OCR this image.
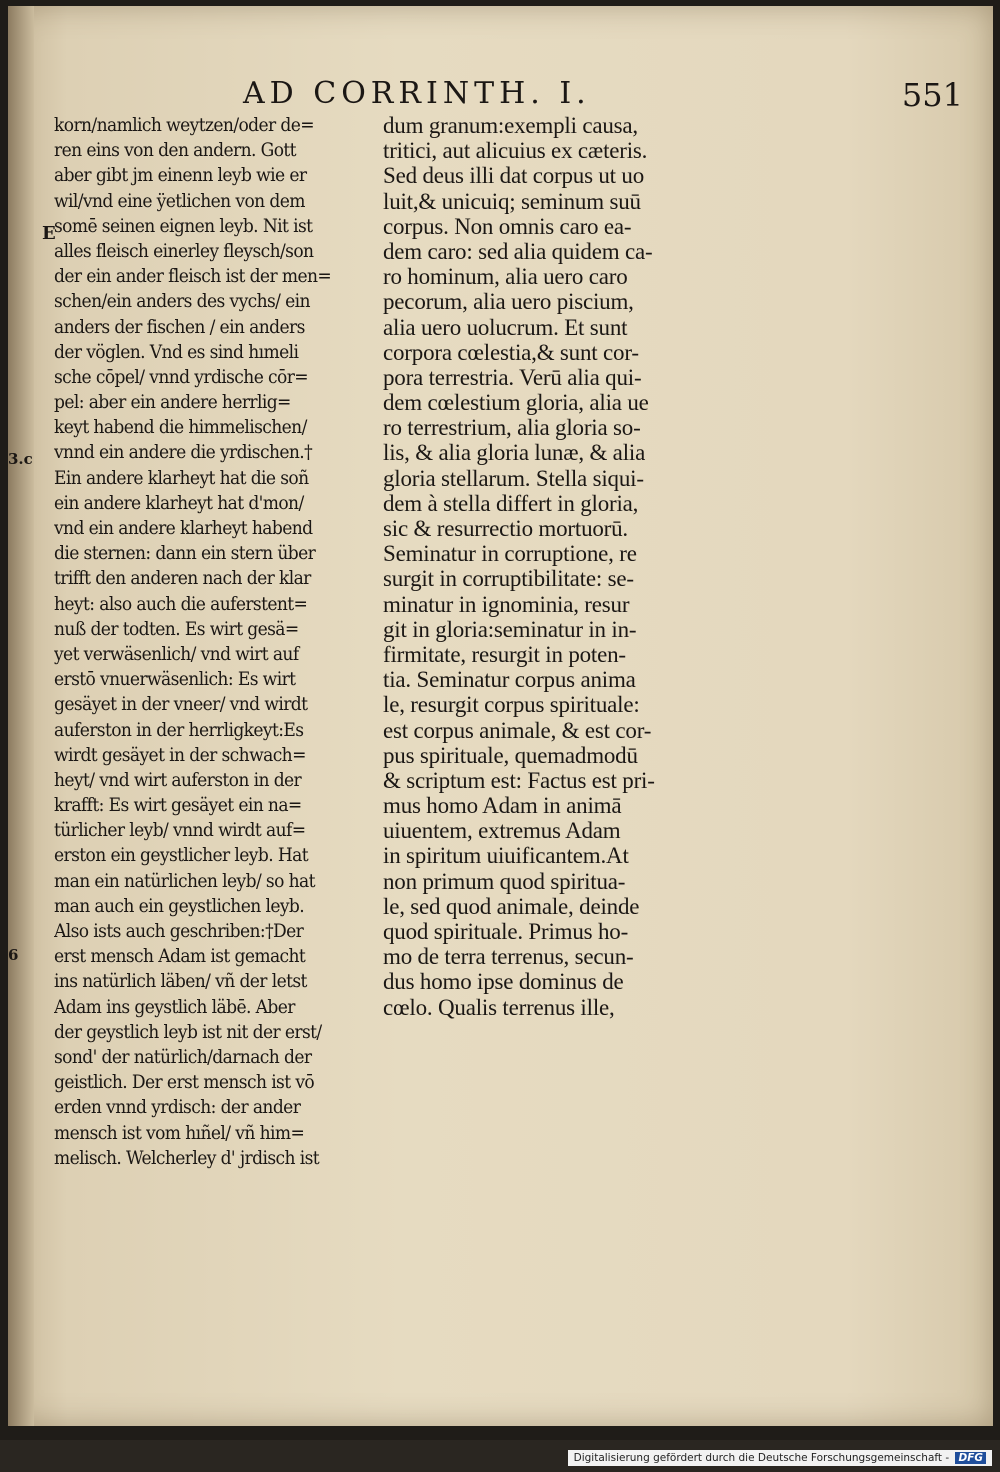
AD CORRINTH. I.	551
E
3.c
6
korn/namlich weytzen/oder de=
ren eins von den andern. Gott
aber gibt jm einenn leyb wie er
wil/vnd eine ÿetlichen von dem
somē seinen eignen leyb. Nit ist
alles fleisch einerley fleysch/son
der ein ander fleisch ist der men=
schen/ein anders des vychs/ ein
anders der fischen / ein anders
der vöglen. Vnd es sind hımeli
sche cōpel/ vnnd yrdische cōr=
pel: aber ein andere herrlig=
keyt habend die himmelischen/
vnnd ein andere die yrdischen.†
Ein andere klarheyt hat die soñ
ein andere klarheyt hat d'mon/
vnd ein andere klarheyt habend
die sternen: dann ein stern über
trifft den anderen nach der klar
heyt: also auch die auferstent=
nuß der todten. Es wirt gesä=
yet verwäsenlich/ vnd wirt auf
erstō vnuerwäsenlich: Es wirt
gesäyet in der vneer/ vnd wirdt
auferston in der herrligkeyt:Es
wirdt gesäyet in der schwach=
heyt/ vnd wirt auferston in der
krafft: Es wirt gesäyet ein na=
türlicher leyb/ vnnd wirdt auf=
erston ein geystlicher leyb. Hat
man ein natürlichen leyb/ so hat
man auch ein geystlichen leyb.
Also ists auch geschriben:†Der
erst mensch Adam ist gemacht
ins natürlich läben/ vñ der letst
Adam ins geystlich läbē. Aber
der geystlich leyb ist nit der erst/
sond' der natürlich/darnach der
geistlich. Der erst mensch ist vō
erden vnnd yrdisch: der ander
mensch ist vom hıñel/ vñ him=
melisch. Welcherley d' jrdisch ist
dum granum:exempli causa,
tritici, aut alicuius ex cæteris.
Sed deus illi dat corpus ut uo
luit,& unicuiq; seminum suū
corpus. Non omnis caro ea-
dem caro: sed alia quidem ca-
ro hominum, alia uero caro
pecorum, alia uero piscium,
alia uero uolucrum. Et sunt
corpora cœlestia,& sunt cor-
pora terrestria. Verū alia qui-
dem cœlestium gloria, alia ue
ro terrestrium, alia gloria so-
lis, & alia gloria lunæ, & alia
gloria stellarum. Stella siqui-
dem à stella differt in gloria,
sic & resurrectio mortuorū.
Seminatur in corruptione, re
surgit in corruptibilitate: se-
minatur in ignominia, resur
git in gloria:seminatur in in-
firmitate, resurgit in poten-
tia. Seminatur corpus anima
le, resurgit corpus spirituale:
est corpus animale, & est cor-
pus spirituale, quemadmodū
& scriptum est: Factus est pri-
mus homo Adam in animā
uiuentem, extremus Adam
in spiritum uiuificantem.At
non primum quod spiritua-
le, sed quod animale, deinde
quod spirituale. Primus ho-
mo de terra terrenus, secun-
dus homo ipse dominus de
cœlo. Qualis terrenus ille,
Digitalisierung gefördert durch die Deutsche Forschungsgemeinschaft - DFG
